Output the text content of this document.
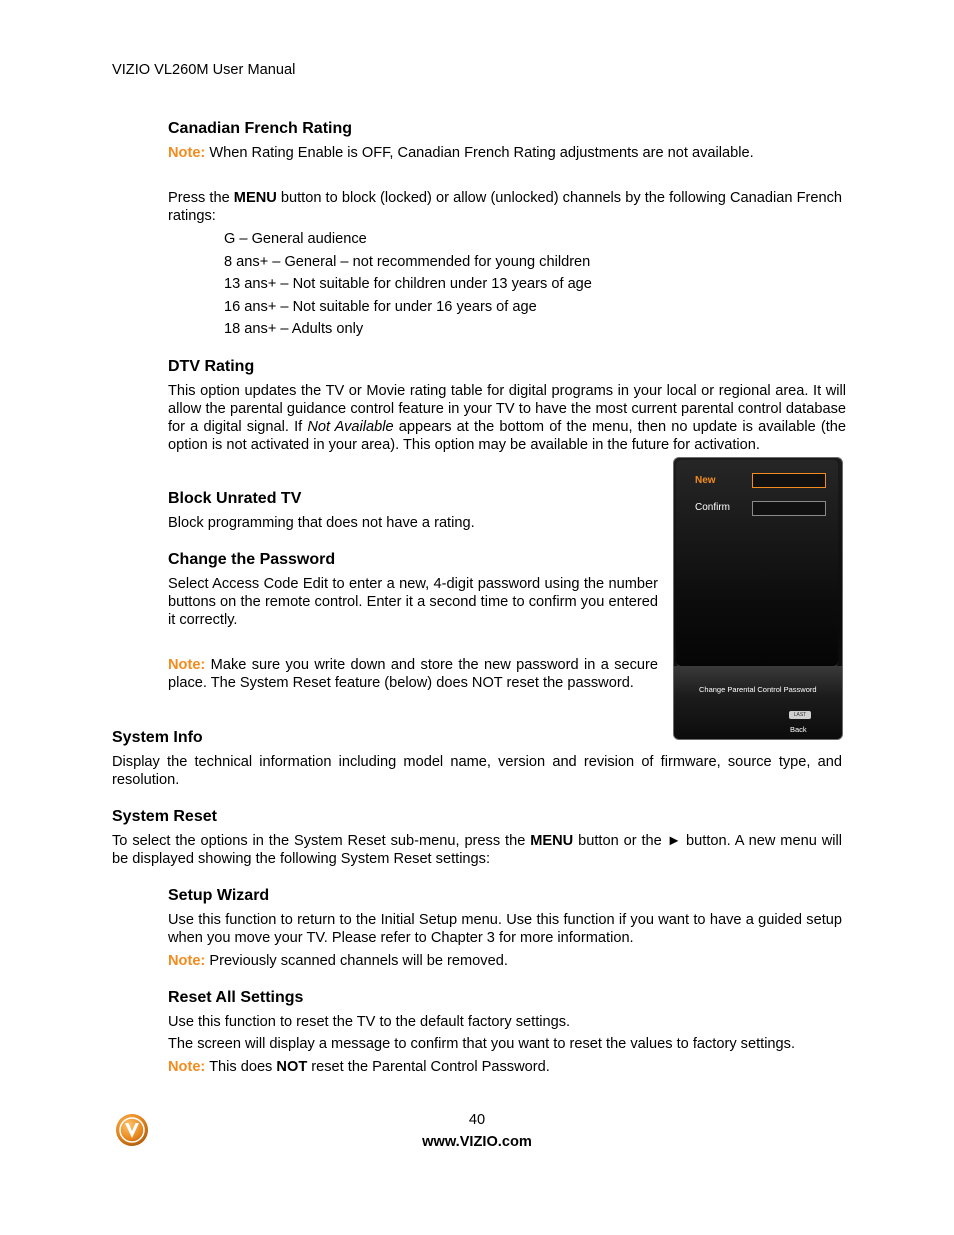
VIZIO VL260M User Manual
Canadian French Rating

Note: When Rating Enable is OFF, Canadian French Rating adjustments are not available.

Press the MENU button to block (locked) or allow (unlocked) channels by the following Canadian French ratings:

G – General audience
8 ans+ – General – not recommended for young children
13 ans+ – Not suitable for children under 13 years of age
16 ans+ – Not suitable for under 16 years of age
18 ans+ – Adults only
DTV Rating

This option updates the TV or Movie rating table for digital programs in your local or regional area. It will allow the parental guidance control feature in your TV to have the most current parental control database for a digital signal. If Not Available appears at the bottom of the menu, then no update is available (the option is not activated in your area). This option may be available in the future for activation.

Block Unrated TV

Block programming that does not have a rating.

Change the Password

Select Access Code Edit to enter a new, 4-digit password using the number buttons on the remote control. Enter it a second time to confirm you entered it correctly.

Note: Make sure you write down and store the new password in a secure place. The System Reset feature (below) does NOT reset the password.

New
Confirm
Change Parental Control Password
LAST
Back
System Info

Display the technical information including model name, version and revision of firmware, source type, and resolution.

System Reset

To select the options in the System Reset sub-menu, press the MENU button or the ► button. A new menu will be displayed showing the following System Reset settings:

Setup Wizard

Use this function to return to the Initial Setup menu. Use this function if you want to have a guided setup when you move your TV. Please refer to Chapter 3 for more information.

Note: Previously scanned channels will be removed.

Reset All Settings

Use this function to reset the TV to the default factory settings.

The screen will display a message to confirm that you want to reset the values to factory settings.

Note: This does NOT reset the Parental Control Password.

40
www.VIZIO.com
